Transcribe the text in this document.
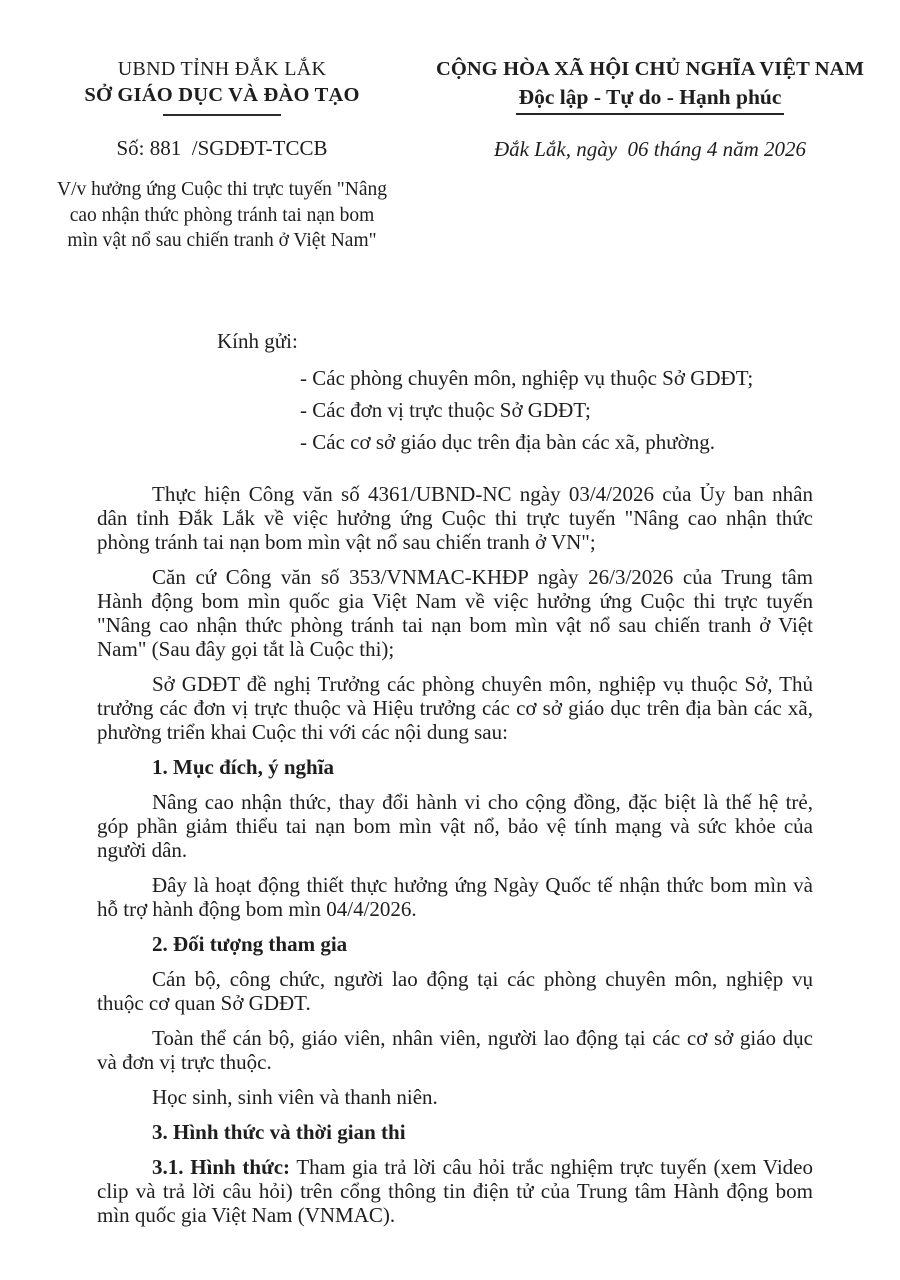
UBND TỈNH ĐẮK LẮK
SỞ GIÁO DỤC VÀ ĐÀO TẠO
Số: 881  /SGDĐT-TCCB
V/v hưởng ứng Cuộc thi trực tuyến "Nâng cao nhận thức phòng tránh tai nạn bom mìn vật nổ sau chiến tranh ở Việt Nam"
CỘNG HÒA XÃ HỘI CHỦ NGHĨA VIỆT NAM
Độc lập - Tự do - Hạnh phúc
Đắk Lắk, ngày  06 tháng 4 năm 2026
Kính gửi:
- Các phòng chuyên môn, nghiệp vụ thuộc Sở GDĐT;
- Các đơn vị trực thuộc Sở GDĐT;
- Các cơ sở giáo dục trên địa bàn các xã, phường.

Thực hiện Công văn số 4361/UBND-NC ngày 03/4/2026 của Ủy ban nhân dân tỉnh Đắk Lắk về việc hưởng ứng Cuộc thi trực tuyến "Nâng cao nhận thức phòng tránh tai nạn bom mìn vật nổ sau chiến tranh ở VN";

Căn cứ Công văn số 353/VNMAC-KHĐP ngày 26/3/2026 của Trung tâm Hành động bom mìn quốc gia Việt Nam về việc hưởng ứng Cuộc thi trực tuyến "Nâng cao nhận thức phòng tránh tai nạn bom mìn vật nổ sau chiến tranh ở Việt Nam" (Sau đây gọi tắt là Cuộc thi);

Sở GDĐT đề nghị Trưởng các phòng chuyên môn, nghiệp vụ thuộc Sở, Thủ trưởng các đơn vị trực thuộc và Hiệu trưởng các cơ sở giáo dục trên địa bàn các xã, phường triển khai Cuộc thi với các nội dung sau:

1. Mục đích, ý nghĩa

Nâng cao nhận thức, thay đổi hành vi cho cộng đồng, đặc biệt là thế hệ trẻ, góp phần giảm thiểu tai nạn bom mìn vật nổ, bảo vệ tính mạng và sức khỏe của người dân.

Đây là hoạt động thiết thực hưởng ứng Ngày Quốc tế nhận thức bom mìn và hỗ trợ hành động bom mìn 04/4/2026.

2. Đối tượng tham gia

Cán bộ, công chức, người lao động tại các phòng chuyên môn, nghiệp vụ thuộc cơ quan Sở GDĐT.

Toàn thể cán bộ, giáo viên, nhân viên, người lao động tại các cơ sở giáo dục và đơn vị trực thuộc.

Học sinh, sinh viên và thanh niên.

3. Hình thức và thời gian thi

3.1. Hình thức: Tham gia trả lời câu hỏi trắc nghiệm trực tuyến (xem Video clip và trả lời câu hỏi) trên cổng thông tin điện tử của Trung tâm Hành động bom mìn quốc gia Việt Nam (VNMAC).
